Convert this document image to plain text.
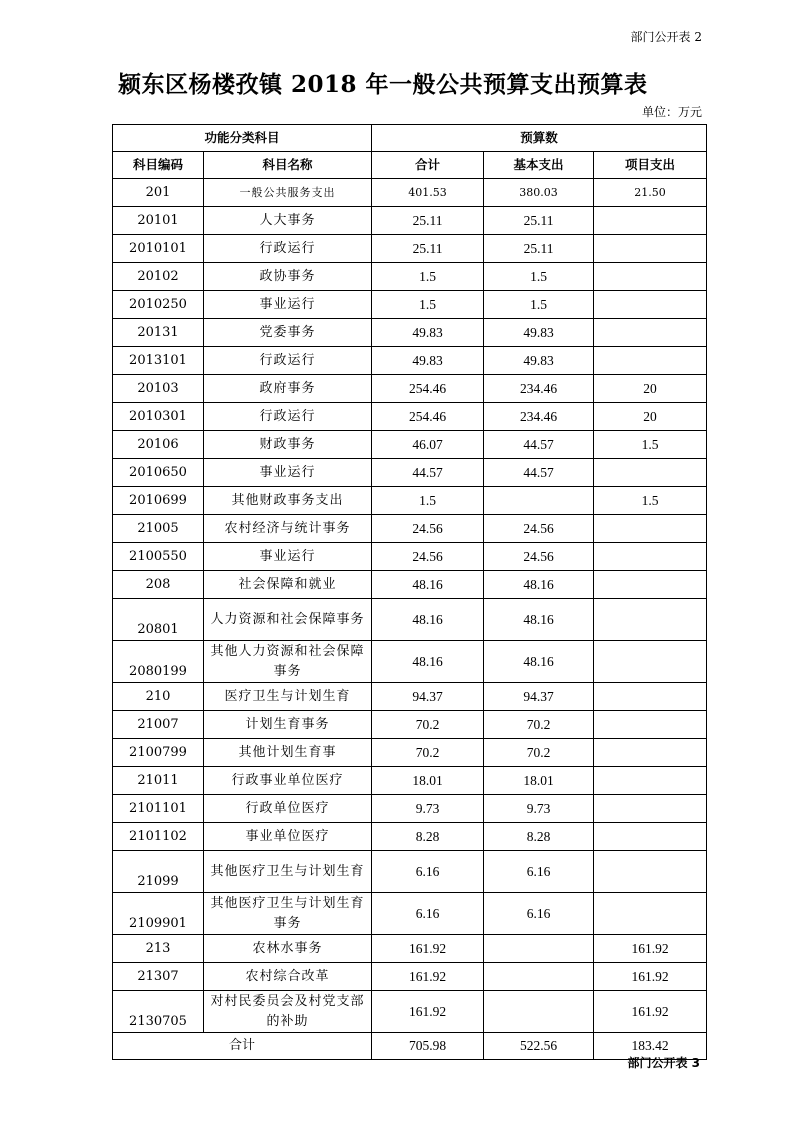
部门公开表 2
颍东区杨楼孜镇 2018 年一般公共预算支出预算表
单位：万元
功能分类科目		预算数		
科目编码	科目名称	合计	基本支出	项目支出
201	一般公共服务支出	401.53	380.03	21.50
20101	人大事务	25.11	25.11	
2010101	行政运行	25.11	25.11	
20102	政协事务	1.5	1.5	
2010250	事业运行	1.5	1.5	
20131	党委事务	49.83	49.83	
2013101	行政运行	49.83	49.83	
20103	政府事务	254.46	234.46	20
2010301	行政运行	254.46	234.46	20
20106	财政事务	46.07	44.57	1.5
2010650	事业运行	44.57	44.57	
2010699	其他财政事务支出	1.5		1.5
21005	农村经济与统计事务	24.56	24.56	
2100550	事业运行	24.56	24.56	
208	社会保障和就业	48.16	48.16	
20801	人力资源和社会保障事务	48.16	48.16	
2080199	其他人力资源和社会保障事务	48.16	48.16	
210	医疗卫生与计划生育	94.37	94.37	
21007	计划生育事务	70.2	70.2	
2100799	其他计划生育事	70.2	70.2	
21011	行政事业单位医疗	18.01	18.01	
2101101	行政单位医疗	9.73	9.73	
2101102	事业单位医疗	8.28	8.28	
21099	其他医疗卫生与计划生育	6.16	6.16	
2109901	其他医疗卫生与计划生育事务	6.16	6.16	
213	农林水事务	161.92		161.92
21307	农村综合改革	161.92		161.92
2130705	对村民委员会及村党支部的补助	161.92		161.92
合计		705.98	522.56	183.42
部门公开表 3
